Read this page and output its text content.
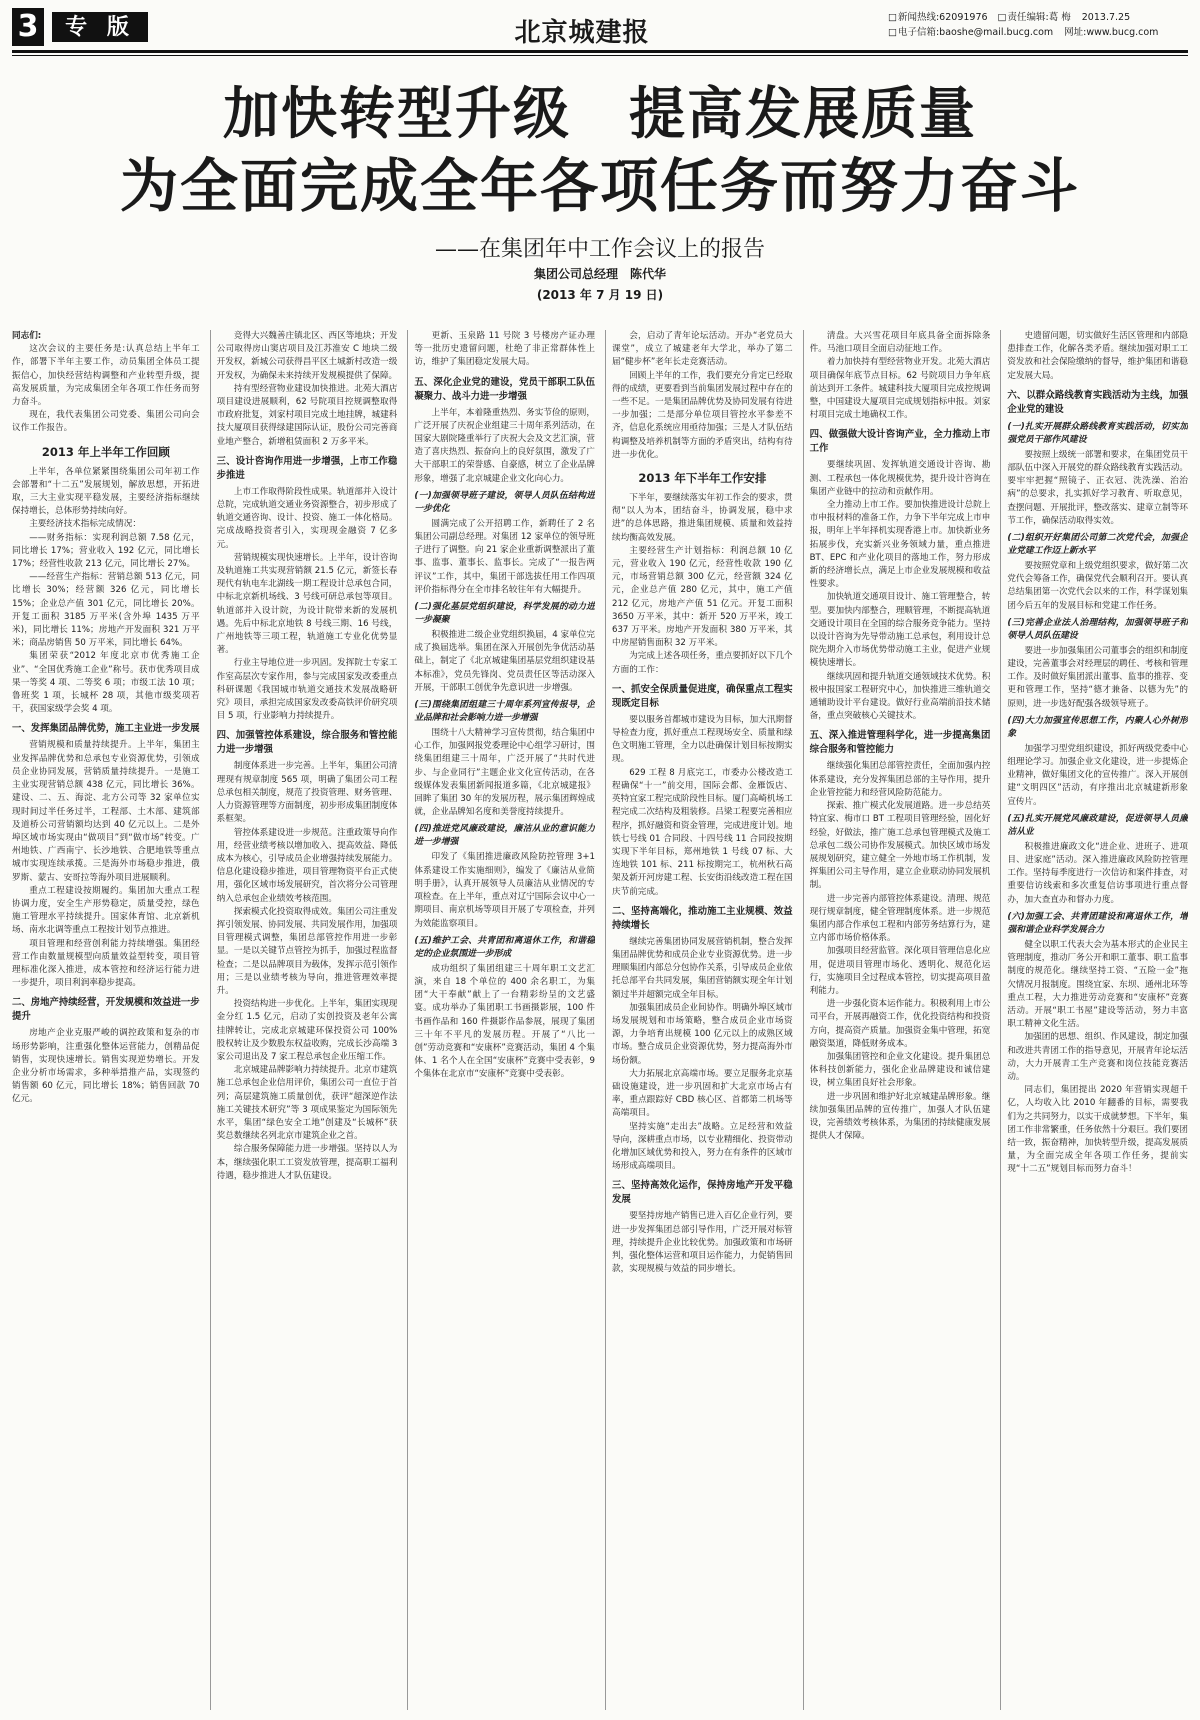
3	专 版	北京城建报
□ 新闻热线:62091976
□	责任编辑:葛 梅 2013.7.25
□ 电子信箱:baoshe@mail.bucg.com 网址:www.bucg.com
加快转型升级　提高发展质量
为全面完成全年各项任务而努力奋斗
——在集团年中工作会议上的报告
集团公司总经理　陈代华
(2013 年 7 月 19 日)

同志们:

这次会议的主要任务是:认真总结上半年工作，部署下半年主要工作，动员集团全体员工提振信心，加快经营结构调整和产业转型升级，提高发展质量，为完成集团全年各项工作任务而努力奋斗。

现在，我代表集团公司党委、集团公司向会议作工作报告。

2013 年上半年工作回顾

上半年，各单位紧紧围绕集团公司年初工作会部署和“十二五”发展规划，解放思想，开拓进取，三大主业实现平稳发展，主要经济指标继续保持增长，总体形势持续向好。

主要经济技术指标完成情况：

——财务指标：实现利润总额 7.58 亿元，同比增长 17%；营业收入 192 亿元，同比增长 17%；经营性收款 213 亿元，同比增长 27%。

——经营生产指标：营销总额 513 亿元，同比增长 30%；经营额 326 亿元，同比增长 15%；企业总产值 301 亿元，同比增长 20%。开复工面积 3185 万平米(含外埠 1435 万平米)，同比增长 11%；房地产开发面积 321 万平米；商品房销售 50 万平米，同比增长 64%。

集团荣获“2012 年度北京市优秀施工企业”、“全国优秀施工企业”称号。获市优秀项目成果一等奖 4 项、二等奖 6 项；市级工法 10 项；鲁班奖 1 项，长城杯 28 项，其他市级奖项若干，获国家级学会奖 4 项。

一、发挥集团品牌优势，施工主业进一步发展

营销规模和质量持续提升。上半年，集团主业发挥品牌优势和总承包专业资源优势，引领成员企业协同发展，营销质量持续提升。一是施工主业实现营销总额 438 亿元，同比增长 36%。建设、二、五、海淀、北方公司等 32 家单位实现时间过半任务过半，工程部、土木部、建筑部及道桥公司营销额均达到 40 亿元以上。二是外埠区域市场实现由“做项目”到“做市场”转变。广州地铁、广西南宁、长沙地铁、合肥地铁等重点城市实现连续承揽。三是海外市场稳步推进，俄罗斯、蒙古、安哥拉等海外项目进展顺利。

重点工程建设按期履约。集团加大重点工程协调力度，安全生产形势稳定，质量受控，绿色施工管理水平持续提升。国家体育馆、北京新机场、南水北调等重点工程按计划节点推进。

项目管理和经营创利能力持续增强。集团经营工作由数量规模型向质量效益型转变，项目管理标准化深入推进，成本管控和经济运行能力进一步提升，项目利润率稳步提高。

二、房地产持续经营，开发规模和效益进一步提升

房地产企业克服严峻的调控政策和复杂的市场形势影响，注重强化整体运营能力，创精品促销售，实现快速增长。销售实现逆势增长。开发企业分析市场需求，多种举措推产品，实现签约销售额 60 亿元，同比增长 18%；销售回款 70 亿元。

竞得大兴魏善庄镇北区、西区等地块；开发公司取得房山窦店项目及江苏淮安 C 地块二级开发权，新城公司获得昌平区土城新村改造一级开发权，为确保未来持续开发规模提供了保障。

持有型经营物业建设加快推进。北苑大酒店项目建设进展顺利，62 号院项目控规调整取得市政府批复，刘家村项目完成土地挂牌，城建科技大厦项目获得绿建国际认证，股份公司完善商业地产整合，新增租赁面积 2 万多平米。

三、设计咨询作用进一步增强，上市工作稳步推进

上市工作取得阶段性成果。轨道部并入设计总院，完成轨道交通业务资源整合，初步形成了轨道交通咨询、设计、投资、施工一体化格局。完成战略投资者引入，实现现金融资 7 亿多元。

营销规模实现快速增长。上半年，设计咨询及轨道施工共实现营销额 21.5 亿元，新签长春现代有轨电车北湖线一期工程设计总承包合同，中标北京新机场线、3 号线可研总承包等项目。轨道部并入设计院，为设计院带来新的发展机遇。先后中标北京地铁 8 号线三期、16 号线，广州地铁等三项工程，轨道施工专业化优势显著。

行业主导地位进一步巩固。发挥院士专家工作室高层次专家作用，参与完成国家发改委重点科研课题《我国城市轨道交通技术发展战略研究》项目，承担完成国家发改委高铁评价研究项目 5 项，行业影响力持续提升。

四、加强管控体系建设，综合服务和管控能力进一步增强

制度体系进一步完善。上半年，集团公司清理现有规章制度 565 项，明确了集团公司工程总承包相关制度，规范了投资管理、财务管理、人力资源管理等方面制度，初步形成集团制度体系框架。

管控体系建设进一步规范。注重政策导向作用，经营业绩考核以增加收入、提高效益、降低成本为核心，引导成员企业增强持续发展能力。信息化建设稳步推进，项目管理物资平台正式使用，强化区域市场发展研究，首次将分公司管理纳入总承包企业绩效考核范围。

探索模式化投资取得成效。集团公司注重发挥引领发展、协同发展、共同发展作用，加强项目管理模式调整，集团总部管控作用进一步彰显。一是以关键节点管控为抓手，加强过程监督检查；二是以品牌项目为载体，发挥示范引领作用；三是以业绩考核为导向，推进管理效率提升。

投资结构进一步优化。上半年，集团实现现金分红 1.5 亿元，启动了实创投资及老年公寓挂牌转让，完成北京城建环保投资公司 100%股权转让及少数股东权益收购，完成长沙高端 3 家公司退出及 7 家工程总承包企业压缩工作。

北京城建品牌影响力持续提升。北京市建筑施工总承包企业信用评价，集团公司一直位于首列；高层建筑施工质量创优，获评“超深逆作法施工关键技术研究”等 3 项成果鉴定为国际领先水平，集团“绿色安全工地”创建及“长城杯”获奖总数继续名列北京市建筑企业之首。

综合服务保障能力进一步增强。坚持以人为本，继续强化职工工资发放管理，提高职工福利待遇，稳步推进人才队伍建设。

更新、玉泉路 11 号院 3 号楼房产证办理等一批历史遗留问题，杜绝了非正常群体性上访，维护了集团稳定发展大局。

五、深化企业党的建设，党员干部职工队伍凝聚力、战斗力进一步增强

上半年，本着隆重热烈、务实节俭的原则，广泛开展了庆祝企业组建三十周年系列活动，在国家大剧院隆重举行了庆祝大会及文艺汇演，营造了喜庆热烈、振奋向上的良好氛围，激发了广大干部职工的荣誉感、自豪感，树立了企业品牌形象，增强了北京城建企业文化向心力。

(一)加强领导班子建设，领导人员队伍结构进一步优化

圆满完成了公开招聘工作，新聘任了 2 名集团公司副总经理。对集团 12 家单位的领导班子进行了调整。向 21 家企业重新调整派出了董事、监事、董事长、监事长。完成了“一报告两评议”工作，其中，集团干部选拔任用工作四项评价指标得分在全市排名较往年有大幅提升。

(二)强化基层党组织建设，科学发展的动力进一步凝聚

积极推进二级企业党组织换届，4 家单位完成了换届选举。集团在深入开展创先争优活动基础上，制定了《北京城建集团基层党组织建设基本标准》，党员先锋岗、党员责任区等活动深入开展，干部职工创优争先意识进一步增强。

(三)围绕集团组建三十周年系列宣传报导，企业品牌和社会影响力进一步增强

围绕十八大精神学习宣传贯彻，结合集团中心工作，加强网报党委理论中心组学习研讨，围绕集团组建三十周年，广泛开展了“共时代进步、与企业同行”主题企业文化宣传活动，在各级媒体发表集团新闻报道多篇，《北京城建报》回眸了集团 30 年的发展历程，展示集团辉煌成就，企业品牌知名度和美誉度持续提升。

(四)推进党风廉政建设，廉洁从业的意识能力进一步增强

印发了《集团推进廉政风险防控管理 3+1 体系建设工作实施细则》，编发了《廉洁从业简明手册》，认真开展领导人员廉洁从业情况的专项检查。在上半年，重点对辽宁国际会议中心一期项目、南京机场等项目开展了专项检查，并列为效能监察项目。

(五)维护工会、共青团和离退休工作，和谐稳定的企业氛围进一步形成

成功组织了集团组建三十周年职工文艺汇演，来自 18 个单位的 400 余名职工，为集团“大干奉献”献上了一台精彩纷呈的文艺盛宴。成功举办了集团职工书画摄影展，100 件书画作品和 160 件摄影作品参展，展现了集团三十年不平凡的发展历程。开展了“八比一创”劳动竞赛和“安康杯”竞赛活动，集团 4 个集体、1 名个人在全国“安康杯”竞赛中受表彰，9 个集体在北京市“安康杯”竞赛中受表彰。

会，启动了青年论坛活动。开办“老党员大课堂”，成立了城建老年大学北，举办了第二届“健步杯”老年长走竞赛活动。

回顾上半年的工作，我们要充分肯定已经取得的成绩，更要看到当前集团发展过程中存在的一些不足。一是集团品牌优势及协同发展有待进一步加强；二是部分单位项目管控水平参差不齐，信息化系统应用亟待加强；三是人才队伍结构调整及培养机制等方面的矛盾突出，结构有待进一步优化。

2013 年下半年工作安排

下半年，要继续落实年初工作会的要求，贯彻“以人为本，团结奋斗，协调发展，稳中求进”的总体思路，推进集团规模、质量和效益持续均衡高效发展。

主要经营生产计划指标：利润总额 10 亿元，营业收入 190 亿元，经营性收款 190 亿元，市场营销总额 300 亿元，经营额 324 亿元，企业总产值 280 亿元，其中，施工产值 212 亿元，房地产产值 51 亿元。开复工面积 3650 万平米，其中：新开 520 万平米，竣工 637 万平米。房地产开发面积 380 万平米，其中房屋销售面积 32 万平米。

为完成上述各项任务，重点要抓好以下几个方面的工作：

一、抓安全保质量促进度，确保重点工程实现既定目标

要以服务首都城市建设为目标，加大汛期督导检查力度，抓好重点工程现场安全、质量和绿色文明施工管理，全力以赴确保计划目标按期实现。

629 工程 8 月底完工，市委办公楼改造工程确保“十一”前交用，国际会都、金雁饭店、英特宜家工程完成阶段性目标。厦门高崎机场工程完成二次结构及粗装修。吕梁工程要完善相应程序，抓好融资和资金管理，完成进度计划。地铁七号线 01 合同段、十四号线 11 合同段按期实现下半年目标，郑州地铁 1 号线 07 标、大连地铁 101 标、211 标按期完工，杭州秋石高架及新开河房建工程、长安街沿线改造工程在国庆节前完成。

二、坚持高端化，推动施工主业规模、效益持续增长

继续完善集团协同发展营销机制，整合发挥集团品牌优势和成员企业专业资源优势。进一步理顺集团内部总分包协作关系，引导成员企业依托总部平台共同发展，集团营销额实现全年计划额过半并超额完成全年目标。

加强集团成员企业间协作。明确外埠区域市场发展规划和市场策略，整合成员企业市场资源，力争培育出规模 100 亿元以上的成熟区域市场。整合成员企业资源优势，努力提高海外市场份额。

大力拓展北京高端市场。要立足服务北京基础设施建设，进一步巩固和扩大北京市场占有率，重点跟踪好 CBD 核心区、首都第二机场等高端项目。

坚持实施“走出去”战略。立足经营和效益导向，深耕重点市场，以专业精细化、投资带动化增加区域优势和投入，努力在有条件的区域市场形成高端项目。

三、坚持高效化运作，保持房地产开发平稳发展

要坚持房地产销售已进入百亿企业行列，要进一步发挥集团总部引导作用，广泛开展对标管理，持续提升企业比较优势。加强政策和市场研判，强化整体运营和项目运作能力，力促销售回款，实现规模与效益的同步增长。

清盘。大兴雪花项目年底具备全面拆除条件。马池口项目全面启动征地工作。

着力加快持有型经营物业开发。北苑大酒店项目确保年底节点目标。62 号院项目力争年底前达到开工条件。城建科技大厦项目完成控规调整，中国建设大厦项目完成规划指标申报。刘家村项目完成土地确权工作。

四、做强做大设计咨询产业，全力推动上市工作

要继续巩固、发挥轨道交通设计咨询、勘测、工程承包一体化规模优势，提升设计咨询在集团产业链中的拉动和贡献作用。

全力推动上市工作。要加快推进设计总院上市申报材料的准备工作，力争下半年完成上市申报，明年上半年择机实现香港上市。加快新业务拓展步伐，充实新兴业务领域力量，重点推进 BT、EPC 和产业化项目的落地工作，努力形成新的经济增长点，满足上市企业发展规模和收益性要求。

加快轨道交通项目设计、施工管理整合，转型。要加快内部整合，理顺管理，不断提高轨道交通设计项目在全国的综合服务竞争能力。坚持以设计咨询为先导带动施工总承包，利用设计总院先期介入市场优势带动施工主业，促进产业规模快速增长。

继续巩固和提升轨道交通领域技术优势。积极申报国家工程研究中心，加快推进三维轨道交通辅助设计平台建设。做好行业高端前沿技术储备，重点突破核心关键技术。

五、深入推进管理科学化，进一步提高集团综合服务和管控能力

继续强化集团总部管控责任，全面加强内控体系建设，充分发挥集团总部的主导作用，提升企业管控能力和经营风险防范能力。

探索、推广模式化发展道路。进一步总结英特宜家、梅市口 BT 工程项目管理经验，固化好经验，好做法，推广施工总承包管理模式及施工总承包二级公司协作发展模式。加快区域市场发展规划研究，建立健全一外地市场工作机制，发挥集团公司主导作用，建立企业联动协同发展机制。

进一步完善内部管控体系建设。清理、规范现行规章制度，健全管理制度体系。进一步规范集团内部合作承包工程和内部劳务结算行为，建立内部市场价格体系。

加强项目经营监管。深化项目管理信息化应用，促进项目管理市场化、透明化、规范化运行，实施项目全过程成本管控，切实提高项目盈利能力。

进一步强化资本运作能力。积极利用上市公司平台，开展再融资工作，优化投资结构和投资方向，提高资产质量。加强资金集中管理，拓宽融资渠道，降低财务成本。

加强集团管控和企业文化建设。提升集团总体科技创新能力，强化企业品牌建设和诚信建设，树立集团良好社会形象。

进一步巩固和维护好北京城建品牌形象。继续加强集团品牌的宣传推广，加强人才队伍建设，完善绩效考核体系，为集团的持续健康发展提供人才保障。

史遗留问题，切实做好生活区管理和内部隐患排查工作，化解各类矛盾。继续加强对职工工资发放和社会保险缴纳的督导，维护集团和谐稳定发展大局。

六、以群众路线教育实践活动为主线，加强企业党的建设

(一)扎实开展群众路线教育实践活动，切实加强党员干部作风建设

要按照上级统一部署和要求，在集团党员干部队伍中深入开展党的群众路线教育实践活动。要牢牢把握“照镜子、正衣冠、洗洗澡、治治病”的总要求，扎实抓好学习教育、听取意见，查摆问题、开展批评，整改落实、建章立制等环节工作，确保活动取得实效。

(二)组织开好集团公司第二次党代会，加强企业党建工作迈上新水平

要按照党章和上级党组织要求，做好第二次党代会筹备工作，确保党代会顺利召开。要认真总结集团第一次党代会以来的工作，科学谋划集团今后五年的发展目标和党建工作任务。

(三)完善企业法人治理结构，加强领导班子和领导人员队伍建设

要进一步加强集团公司董事会的组织和制度建设，完善董事会对经理层的聘任、考核和管理工作。及时做好集团派出董事、监事的推荐、变更和管理工作，坚持“德才兼备、以德为先”的原则，进一步选好配强各级领导班子。

(四)大力加强宣传思想工作，内聚人心外树形象

加强学习型党组织建设，抓好两级党委中心组理论学习。加强企业文化建设，进一步提炼企业精神，做好集团文化的宣传推广。深入开展创建“文明四区”活动，有序推出北京城建新形象宣传片。

(五)扎实开展党风廉政建设，促进领导人员廉洁从业

积极推进廉政文化“进企业、进班子、进项目、进家庭”活动。深入推进廉政风险防控管理工作。坚持每季度进行一次信访和案件排查，对重要信访线索和多次重复信访事项进行重点督办，加大查直办和督办力度。

(六)加强工会、共青团建设和离退休工作，增强和谐企业科学发展合力

健全以职工代表大会为基本形式的企业民主管理制度，推动厂务公开和职工董事、职工监事制度的规范化。继续坚持工资、“五险一金”拖欠情况月报制度。围绕宜家、东坝、通州北环等重点工程，大力推进劳动竞赛和“安康杯”竞赛活动。开展“职工书屋”建设等活动，努力丰富职工精神文化生活。

加强团的思想、组织、作风建设，制定加强和改进共青团工作的指导意见，开展青年论坛活动，大力开展青工生产竞赛和岗位技能竞赛活动。

同志们，集团提出 2020 年营销实现超千亿，人均收入比 2010 年翻番的目标，需要我们为之共同努力，以实干成就梦想。下半年，集团工作非常繁重，任务依然十分艰巨。我们要团结一致，振奋精神，加快转型升级，提高发展质量，为全面完成全年各项工作任务，提前实现“十二五”规划目标而努力奋斗！
